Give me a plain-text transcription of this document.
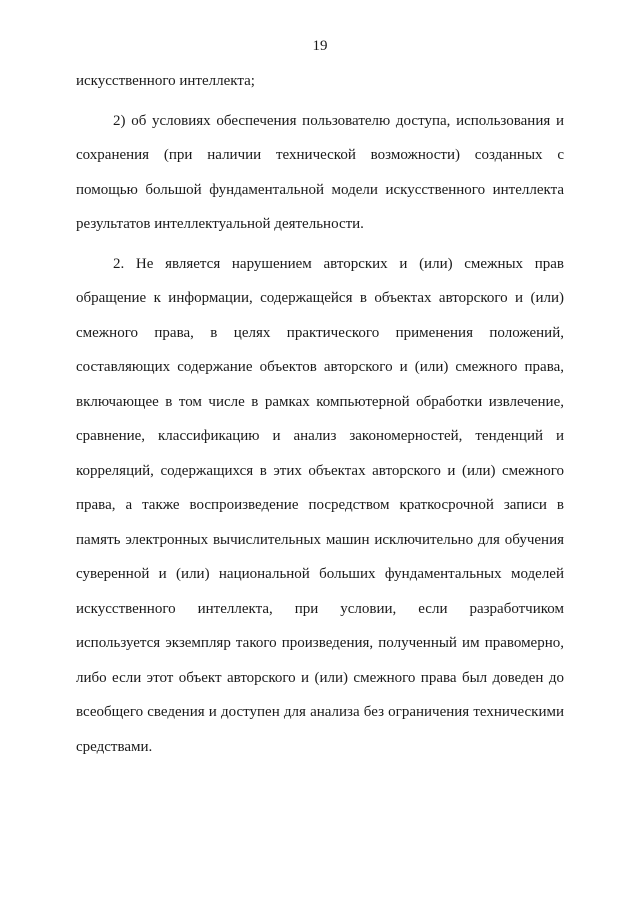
19
искусственного интеллекта;
2) об условиях обеспечения пользователю доступа, использования и
сохранения (при наличии технической возможности) созданных с
помощью большой фундаментальной модели искусственного интеллекта
результатов интеллектуальной деятельности.
2. Не является нарушением авторских и (или) смежных прав
обращение к информации, содержащейся в объектах авторского и (или)
смежного права, в целях практического применения положений,
составляющих содержание объектов авторского и (или) смежного права,
включающее в том числе в рамках компьютерной обработки извлечение,
сравнение, классификацию и анализ закономерностей, тенденций и
корреляций, содержащихся в этих объектах авторского и (или) смежного
права, а также воспроизведение посредством краткосрочной записи в
память электронных вычислительных машин исключительно для обучения
суверенной и (или) национальной больших фундаментальных моделей
искусственного интеллекта, при условии, если разработчиком
используется экземпляр такого произведения, полученный им правомерно,
либо если этот объект авторского и (или) смежного права был доведен до
всеобщего сведения и доступен для анализа без ограничения техническими
средствами.
